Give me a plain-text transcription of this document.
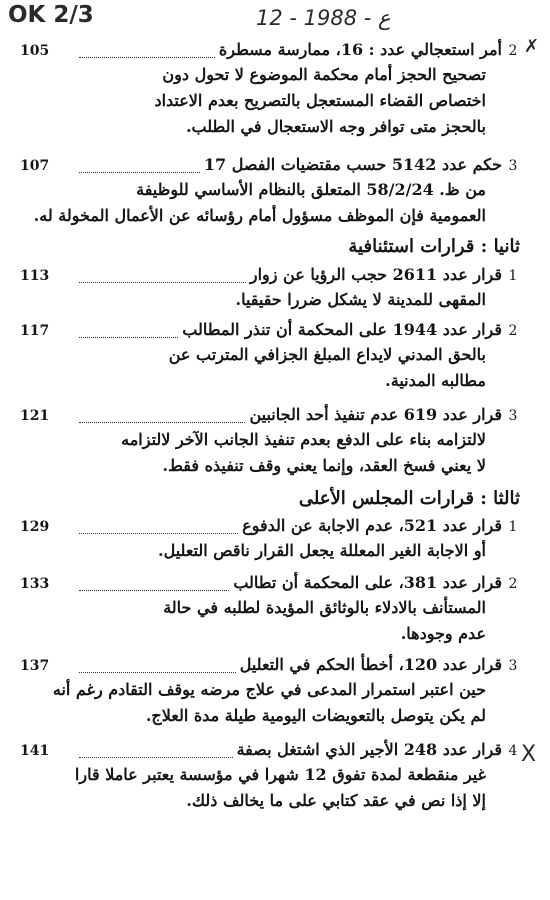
OK 2/3	12 - ع - 1988
✗
X
105	أمر استعجالي عدد : 16، ممارسة مسطرة 2
تصحيح الحجز أمام محكمة الموضوع لا تحول دون
اختصاص القضاء المستعجل بالتصريح بعدم الاعتداد
بالحجز متى توافر وجه الاستعجال في الطلب.
107	حكم عدد 5142 حسب مقتضيات الفصل 17 3
من ظ. 58/2/24 المتعلق بالنظام الأساسي للوظيفة
العمومية فإن الموظف مسؤول أمام رؤسائه عن الأعمال المخولة له.
ثانيا : قرارات استئنافية
113	قرار عدد 2611 حجب الرؤيا عن زوار 1
المقهى للمدينة لا يشكل ضررا حقيقيا.
117	قرار عدد 1944 على المحكمة أن تنذر المطالب 2
بالحق المدني لايداع المبلغ الجزافي المترتب عن
مطالبه المدنية.
121	قرار عدد 619 عدم تنفيذ أحد الجانبين 3
لالتزامه بناء على الدفع بعدم تنفيذ الجانب الآخر لالتزامه
لا يعني فسخ العقد، وإنما يعني وقف تنفيذه فقط.
ثالثا : قرارات المجلس الأعلى
129	قرار عدد 521، عدم الاجابة عن الدفوع 1
أو الاجابة الغير المعللة يجعل القرار ناقص التعليل.
133	قرار عدد 381، على المحكمة أن تطالب 2
المستأنف بالادلاء بالوثائق المؤيدة لطلبه في حالة
عدم وجودها.
137	قرار عدد 120، أخطأ الحكم في التعليل 3
حين اعتبر استمرار المدعى في علاج مرضه يوقف التقادم رغم أنه
لم يكن يتوصل بالتعويضات اليومية طيلة مدة العلاج.
141	قرار عدد 248 الأجير الذي اشتغل بصفة 4
غير منقطعة لمدة تفوق 12 شهرا في مؤسسة يعتبر عاملا قارا
إلا إذا نص في عقد كتابي على ما يخالف ذلك.
